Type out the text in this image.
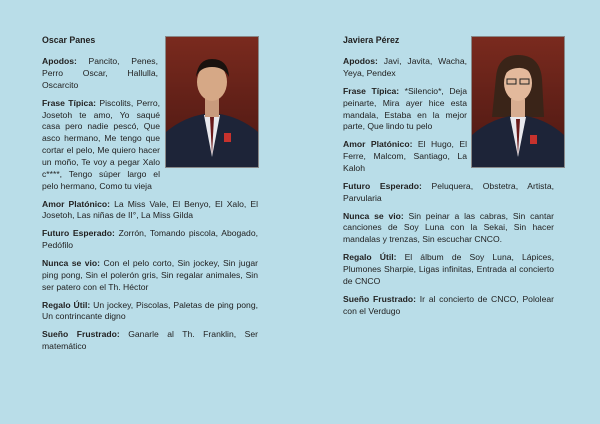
Oscar Panes
Apodos: Pancito, Penes, Perro Oscar, Hallulla, Oscarcito
Frase Típica: Piscolits, Perro, Josetoh te amo, Yo saqué casa pero nadie pescó, Que asco hermano, Me tengo que cortar el pelo, Me quiero hacer un moño, Te voy a pegar Xalo c****, Tengo súper largo el pelo hermano, Como tu vieja
Amor Platónico: La Miss Vale, El Benyo, El Xalo, El Josetoh, Las niñas de II°, La Miss Gilda
Futuro Esperado: Zorrón, Tomando piscola, Abogado, Pedófilo
Nunca se vio: Con el pelo corto, Sin jockey, Sin jugar ping pong, Sin el polerón gris, Sin regalar animales, Sin ser patero con el Th. Héctor
Regalo Útil: Un jockey, Piscolas, Paletas de ping pong, Un contrincante digno
Sueño Frustrado: Ganarle al Th. Franklin, Ser matemático
Javiera Pérez
Apodos: Javi, Javita, Wacha, Yeya, Pendex
Frase Típica: *Silencio*, Deja peinarte, Mira ayer hice esta mandala, Estaba en la mejor parte, Que lindo tu pelo
Amor Platónico: El Hugo, El Ferre, Malcom, Santiago, La Kaloh
Futuro Esperado: Peluquera, Obstetra, Artista, Parvularia
Nunca se vio: Sin peinar a las cabras, Sin cantar canciones de Soy Luna con la Sekai, Sin hacer mandalas y trenzas, Sin escuchar CNCO.
Regalo Útil: El álbum de Soy Luna, Lápices, Plumones Sharpie, Ligas infinitas, Entrada al concierto de CNCO
Sueño Frustrado: Ir al concierto de CNCO, Pololear con el Verdugo
